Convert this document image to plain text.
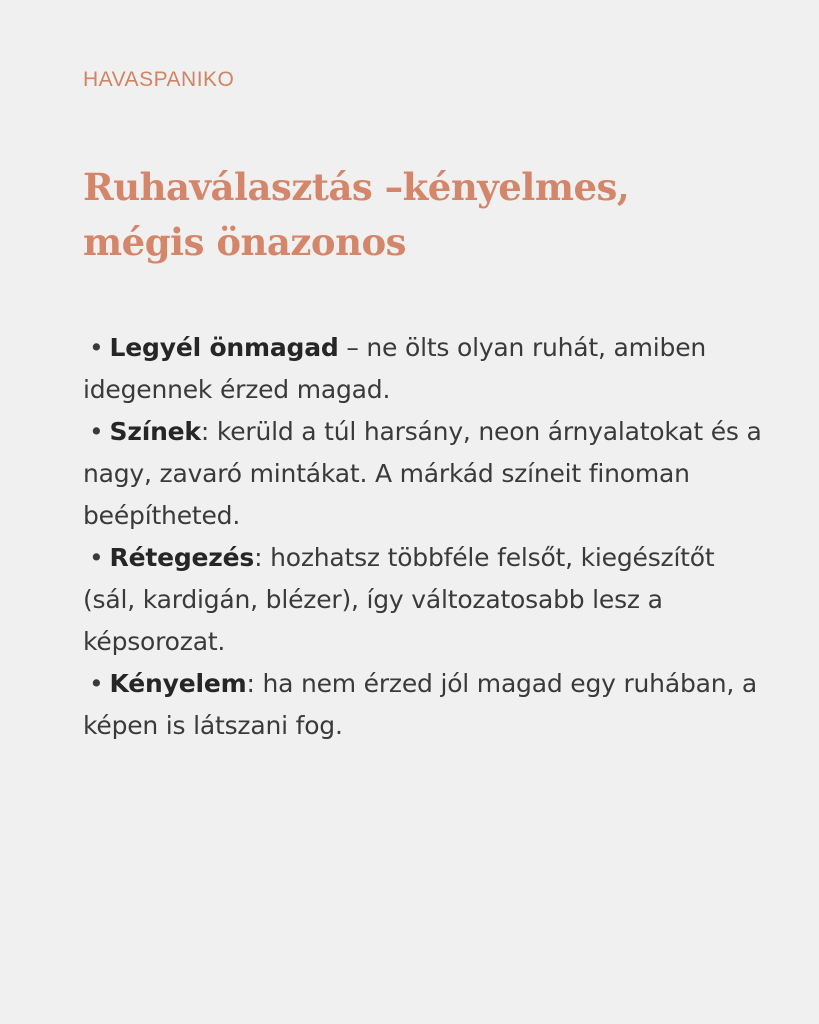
HAVASPANIKO
Ruhaválasztás –kényelmes,
mégis önazonos
• Legyél önmagad – ne ölts olyan ruhát, amiben idegennek érzed magad.
• Színek: kerüld a túl harsány, neon árnyalatokat és a nagy, zavaró mintákat. A márkád színeit finoman beépítheted.
• Rétegezés: hozhatsz többféle felsőt, kiegészítőt (sál, kardigán, blézer), így változatosabb lesz a képsorozat.
• Kényelem: ha nem érzed jól magad egy ruhában, a képen is látszani fog.
